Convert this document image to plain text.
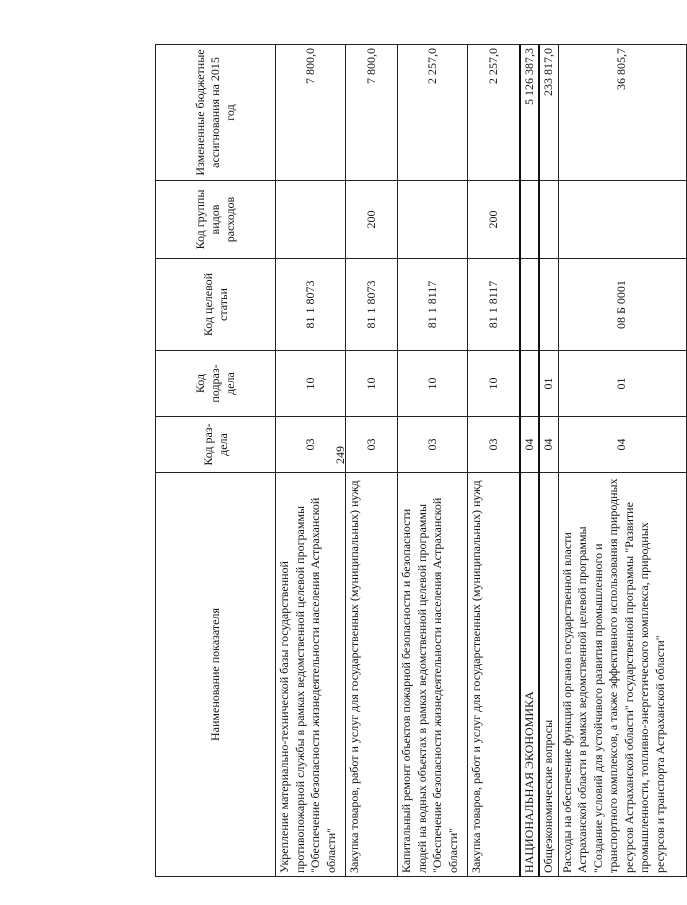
249
Наименование показателя	Код раз-дела	Код подраз-дела	Код целевой статьи	Код группы видов расходов	Измененные бюджетные ассигнования на 2015 год
Укрепление материально-технической базы государственной противопожарной службы в рамках ведомственной целевой программы "Обеспечение безопасности жизнедеятельности населения Астраханской области"	03	10	81 1 8073		7 800,0
Закупка товаров, работ и услуг для государственных (муниципальных) нужд	03	10	81 1 8073	200	7 800,0
Капитальный ремонт объектов пожарной безопасности и безопасности людей на водных объектах в рамках ведомственной целевой программы "Обеспечение безопасности жизнедеятельности населения Астраханской области"	03	10	81 1 8117		2 257,0
Закупка товаров, работ и услуг для государственных (муниципальных) нужд	03	10	81 1 8117	200	2 257,0
НАЦИОНАЛЬНАЯ ЭКОНОМИКА	04				5 126 387,3
Общеэкономические вопросы	04	01			233 817,0
Расходы на обеспечение функций органов государственной власти Астраханской области в рамках ведомственной целевой программы "Создание условий для устойчивого развития промышленного и транспортного комплексов, а также эффективного использования природных ресурсов Астраханской области" государственной программы "Развитие промышленности, топливно-энергетического комплекса, природных ресурсов и транспорта Астраханской области"	04	01	08 Б 0001		36 805,7
